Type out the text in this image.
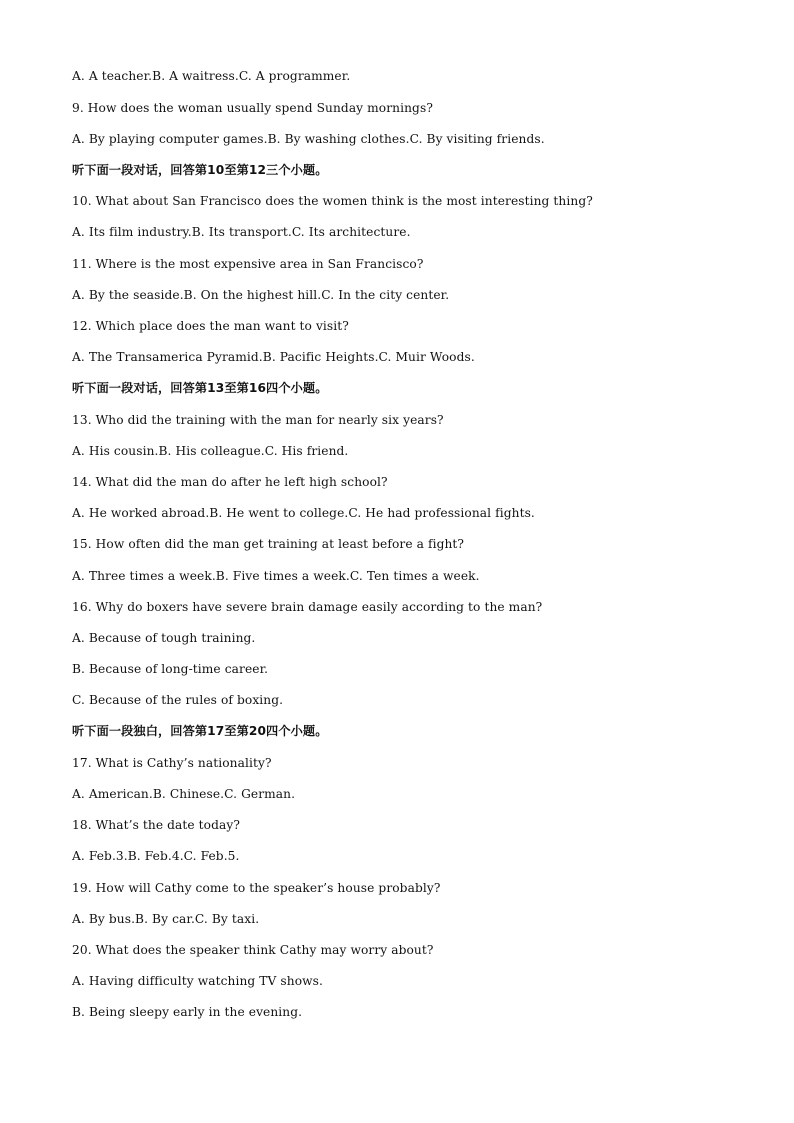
A. A teacher.B. A waitress.C. A programmer.
9. How does the woman usually spend Sunday mornings?
A. By playing computer games.B. By washing clothes.C. By visiting friends.
听下面一段对话，回答第10至第12三个小题。
10. What about San Francisco does the women think is the most interesting thing?
A. Its film industry.B. Its transport.C. Its architecture.
11. Where is the most expensive area in San Francisco?
A. By the seaside.B. On the highest hill.C. In the city center.
12. Which place does the man want to visit?
A. The Transamerica Pyramid.B. Pacific Heights.C. Muir Woods.
听下面一段对话，回答第13至第16四个小题。
13. Who did the training with the man for nearly six years?
A. His cousin.B. His colleague.C. His friend.
14. What did the man do after he left high school?
A. He worked abroad.B. He went to college.C. He had professional fights.
15. How often did the man get training at least before a fight?
A. Three times a week.B. Five times a week.C. Ten times a week.
16. Why do boxers have severe brain damage easily according to the man?
A. Because of tough training.
B. Because of long-time career.
C. Because of the rules of boxing.
听下面一段独白，回答第17至第20四个小题。
17. What is Cathy’s nationality?
A. American.B. Chinese.C. German.
18. What’s the date today?
A. Feb.3.B. Feb.4.C. Feb.5.
19. How will Cathy come to the speaker’s house probably?
A. By bus.B. By car.C. By taxi.
20. What does the speaker think Cathy may worry about?
A. Having difficulty watching TV shows.
B. Being sleepy early in the evening.
